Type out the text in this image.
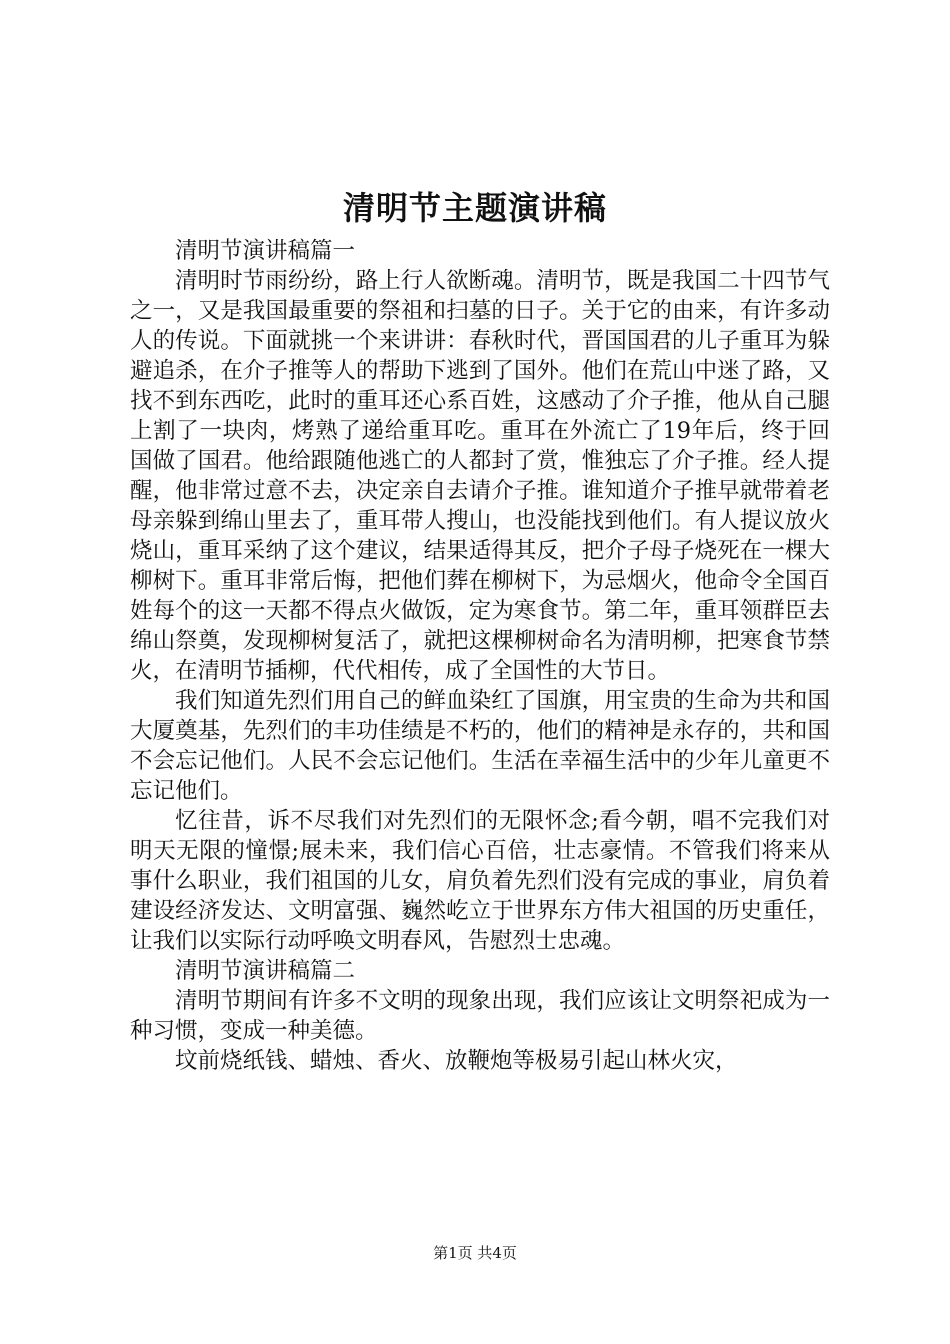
清明节主题演讲稿

清明节演讲稿篇一

清明时节雨纷纷，路上行人欲断魂。清明节，既是我国二十四节气之一，又是我国最重要的祭祖和扫墓的日子。关于它的由来，有许多动人的传说。下面就挑一个来讲讲：春秋时代，晋国国君的儿子重耳为躲避追杀，在介子推等人的帮助下逃到了国外。他们在荒山中迷了路，又找不到东西吃，此时的重耳还心系百姓，这感动了介子推，他从自己腿上割了一块肉，烤熟了递给重耳吃。重耳在外流亡了19年后，终于回国做了国君。他给跟随他逃亡的人都封了赏，惟独忘了介子推。经人提醒，他非常过意不去，决定亲自去请介子推。谁知道介子推早就带着老母亲躲到绵山里去了，重耳带人搜山，也没能找到他们。有人提议放火烧山，重耳采纳了这个建议，结果适得其反，把介子母子烧死在一棵大柳树下。重耳非常后悔，把他们葬在柳树下，为忌烟火，他命令全国百姓每个的这一天都不得点火做饭，定为寒食节。第二年，重耳领群臣去绵山祭奠，发现柳树复活了，就把这棵柳树命名为清明柳，把寒食节禁火，在清明节插柳，代代相传，成了全国性的大节日。

我们知道先烈们用自己的鲜血染红了国旗，用宝贵的生命为共和国大厦奠基，先烈们的丰功佳绩是不朽的，他们的精神是永存的，共和国不会忘记他们。人民不会忘记他们。生活在幸福生活中的少年儿童更不忘记他们。

忆往昔，诉不尽我们对先烈们的无限怀念;看今朝，唱不完我们对明天无限的憧憬;展未来，我们信心百倍，壮志豪情。不管我们将来从事什么职业，我们祖国的儿女，肩负着先烈们没有完成的事业，肩负着建设经济发达、文明富强、巍然屹立于世界东方伟大祖国的历史重任，让我们以实际行动呼唤文明春风，告慰烈士忠魂。

清明节演讲稿篇二

清明节期间有许多不文明的现象出现，我们应该让文明祭祀成为一种习惯，变成一种美德。

坟前烧纸钱、蜡烛、香火、放鞭炮等极易引起山林火灾，

第1页 共4页
